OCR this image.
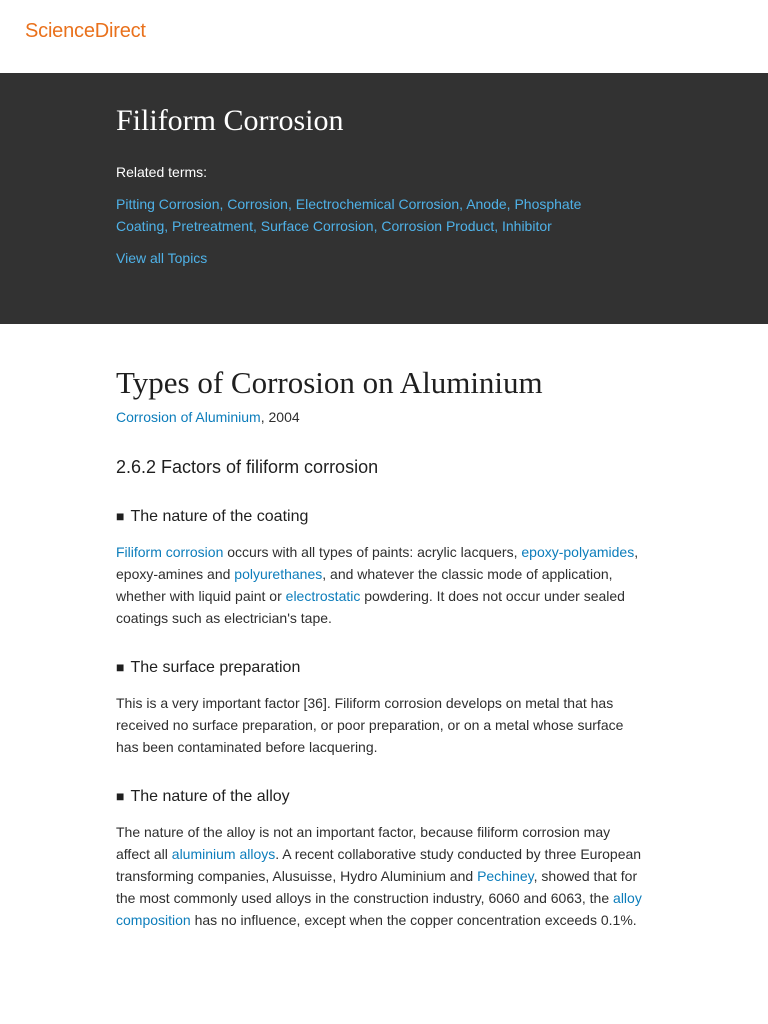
ScienceDirect
Filiform Corrosion
Related terms:
Pitting Corrosion, Corrosion, Electrochemical Corrosion, Anode, Phosphate Coating, Pretreatment, Surface Corrosion, Corrosion Product, Inhibitor
View all Topics
Types of Corrosion on Aluminium
Corrosion of Aluminium, 2004
2.6.2 Factors of filiform corrosion
■ The nature of the coating

Filiform corrosion occurs with all types of paints: acrylic lacquers, epoxy-polyamides, epoxy-amines and polyurethanes, and whatever the classic mode of application, whether with liquid paint or electrostatic powdering. It does not occur under sealed coatings such as electrician's tape.

■ The surface preparation

This is a very important factor [36]. Filiform corrosion develops on metal that has received no surface preparation, or poor preparation, or on a metal whose surface has been contaminated before lacquering.

■ The nature of the alloy

The nature of the alloy is not an important factor, because filiform corrosion may affect all aluminium alloys. A recent collaborative study conducted by three European transforming companies, Alusuisse, Hydro Aluminium and Pechiney, showed that for the most commonly used alloys in the construction industry, 6060 and 6063, the alloy composition has no influence, except when the copper concentration exceeds 0.1%.
